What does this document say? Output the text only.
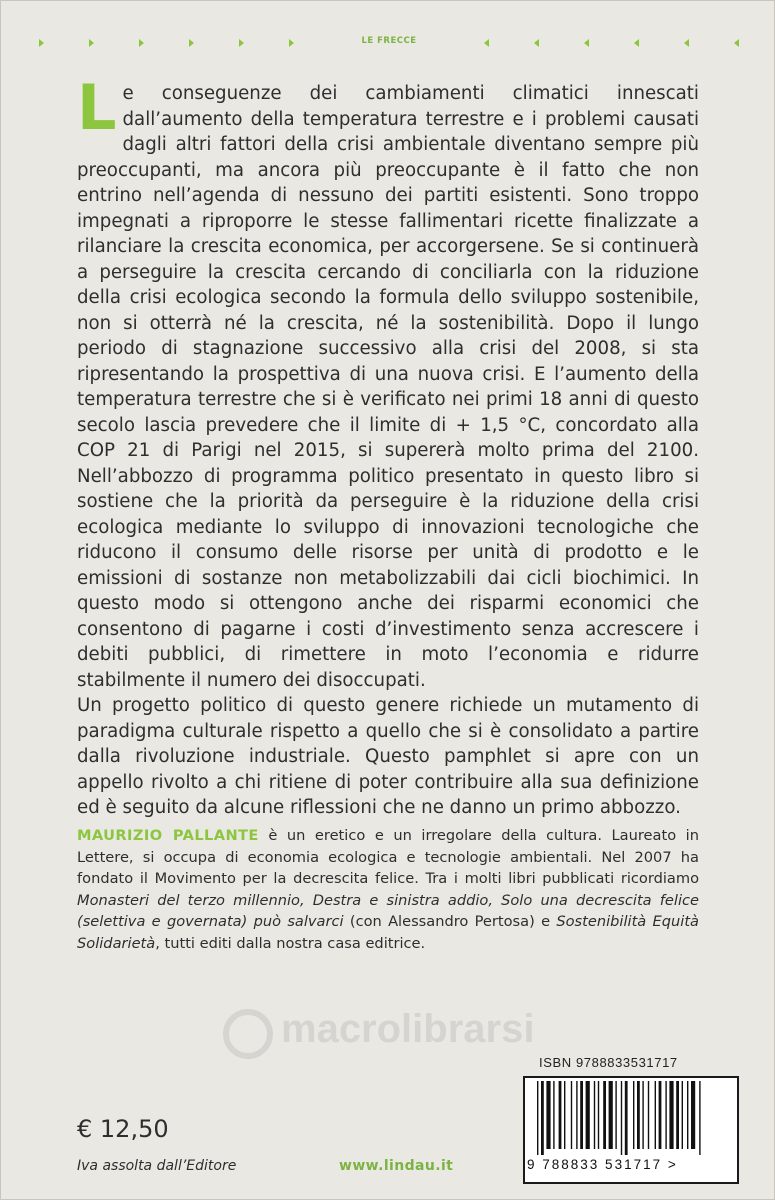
LE FRECCE

Le conseguenze dei cambiamenti climatici innescati dall’aumento della temperatura terrestre e i problemi causati dagli altri fattori della crisi ambientale diventano sempre più preoccupanti, ma ancora più preoccupante è il fatto che non entrino nell’agenda di nessuno dei partiti esistenti. Sono troppo impegnati a riproporre le stesse fallimentari ricette finalizzate a rilanciare la crescita economica, per accorgersene. Se si continuerà a perseguire la crescita cercando di conciliarla con la riduzione della crisi ecologica secondo la formula dello sviluppo sostenibile, non si otterrà né la crescita, né la sostenibilità. Dopo il lungo periodo di stagnazione successivo alla crisi del 2008, si sta ripresentando la prospettiva di una nuova crisi. E l’aumento della temperatura terrestre che si è verificato nei primi 18 anni di questo secolo lascia prevedere che il limite di + 1,5 °C, concordato alla COP 21 di Parigi nel 2015, si supererà molto prima del 2100. Nell’abbozzo di programma politico presentato in questo libro si sostiene che la priorità da perseguire è la riduzione della crisi ecologica mediante lo sviluppo di innovazioni tecnologiche che riducono il consumo delle risorse per unità di prodotto e le emissioni di sostanze non metabolizzabili dai cicli biochimici. In questo modo si ottengono anche dei risparmi economici che consentono di pagarne i costi d’investimento senza accrescere i debiti pubblici, di rimettere in moto l’economia e ridurre stabilmente il numero dei disoccupati.

Un progetto politico di questo genere richiede un mutamento di paradigma culturale rispetto a quello che si è consolidato a partire dalla rivoluzione industriale. Questo pamphlet si apre con un appello rivolto a chi ritiene di poter contribuire alla sua definizione ed è seguito da alcune riflessioni che ne danno un primo abbozzo.

MAURIZIO PALLANTE è un eretico e un irregolare della cultura. Laureato in Lettere, si occupa di economia ecologica e tecnologie ambientali. Nel 2007 ha fondato il Movimento per la decrescita felice. Tra i molti libri pubblicati ricordiamo Monasteri del terzo millennio, Destra e sinistra addio, Solo una decrescita felice (selettiva e governata) può salvarci (con Alessandro Pertosa) e Sostenibilità Equità Solidarietà, tutti editi dalla nostra casa editrice.
macrolibrarsi
ISBN 9788833531717
9 788833 531717 >
€ 12,50
Iva assolta dall’Editore	www.lindau.it
